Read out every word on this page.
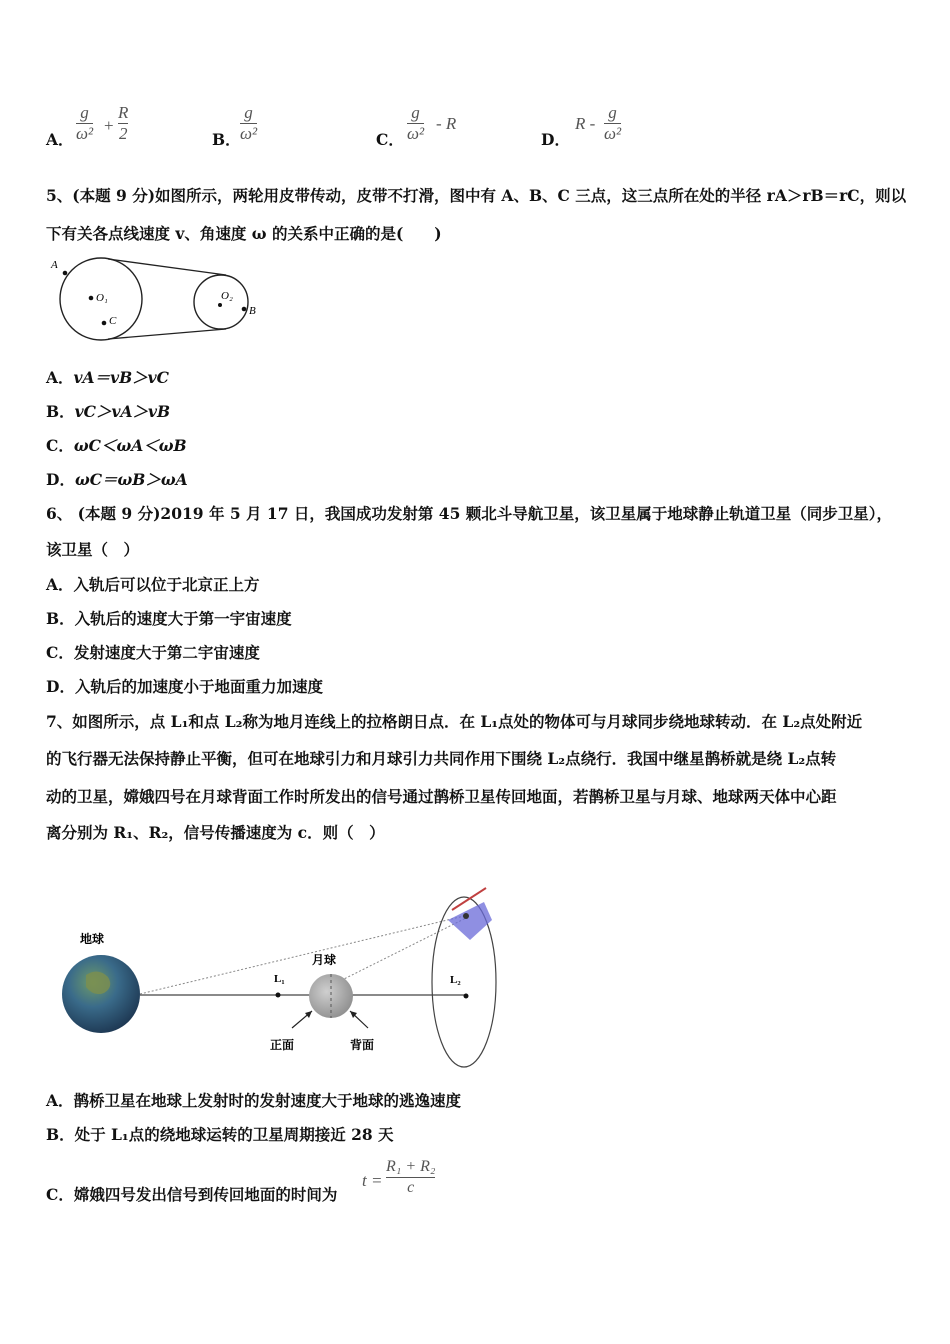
A．
g
ω² +
R
2	B．
g
ω²	C．
g
ω²
- R
D．
R -
g
ω²
5、(本题 9 分)如图所示，两轮用皮带传动，皮带不打滑，图中有 A、B、C 三点，这三点所在处的半径 rA＞rB＝rC，则以
下有关各点线速度 v、角速度 ω 的关系中正确的是(　　)
A
O₁
C
O₂
B
A．vA＝vB＞vC
B．vC＞vA＞vB
C．ωC＜ωA＜ωB
D．ωC＝ωB＞ωA
6、 (本题 9 分)2019 年 5 月 17 日，我国成功发射第 45 颗北斗导航卫星，该卫星属于地球静止轨道卫星（同步卫星），
该卫星（　）
A．入轨后可以位于北京正上方
B．入轨后的速度大于第一宇宙速度
C．发射速度大于第二宇宙速度
D．入轨后的加速度小于地面重力加速度
7、如图所示，点 L₁和点 L₂称为地月连线上的拉格朗日点．在 L₁点处的物体可与月球同步绕地球转动．在 L₂点处附近
的飞行器无法保持静止平衡，但可在地球引力和月球引力共同作用下围绕 L₂点绕行．我国中继星鹊桥就是绕 L₂点转
动的卫星，嫦娥四号在月球背面工作时所发出的信号通过鹊桥卫星传回地面，若鹊桥卫星与月球、地球两天体中心距
离分别为 R₁、R₂，信号传播速度为 c．则（　）
地球
L₁
月球
正面	背面
L₂
A．鹊桥卫星在地球上发射时的发射速度大于地球的逃逸速度
B．处于 L₁点的绕地球运转的卫星周期接近 28 天
C．嫦娥四号发出信号到传回地面的时间为
t =
R₁ + R₂
c
